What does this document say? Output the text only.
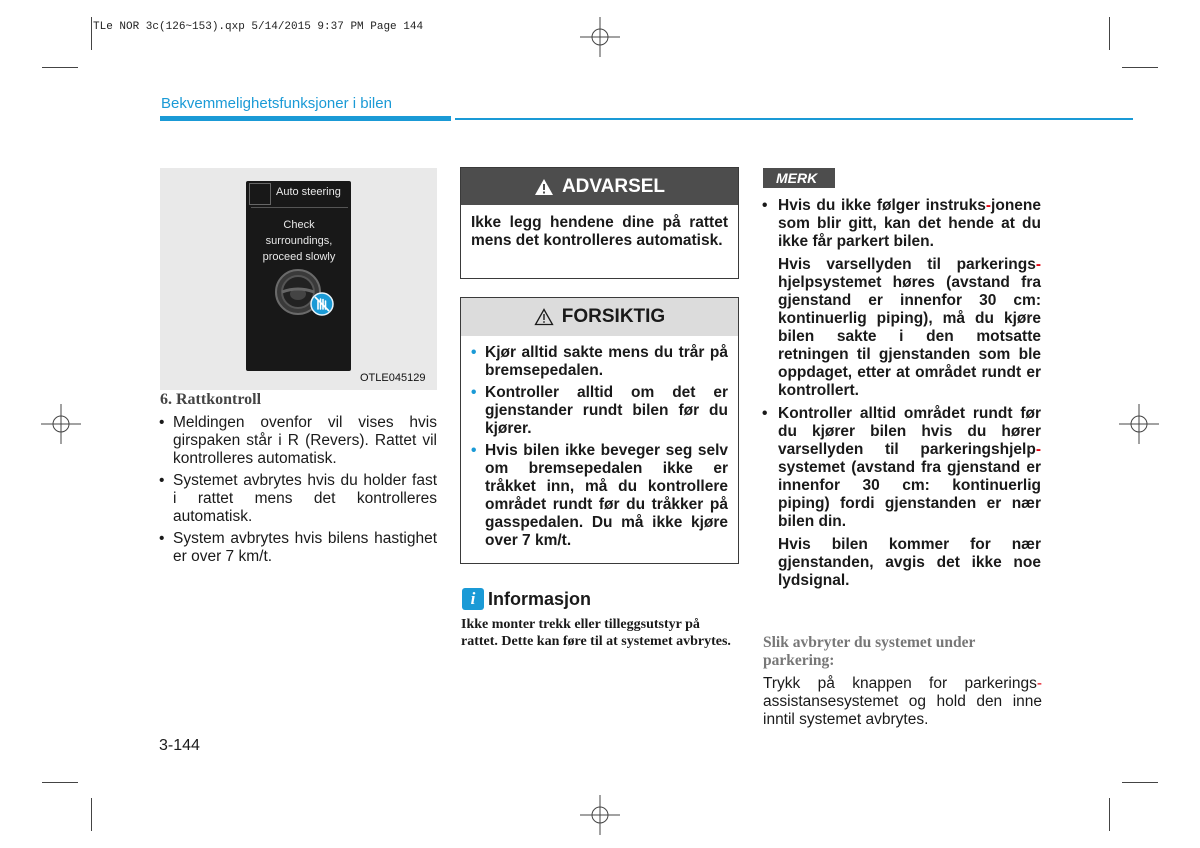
TLe NOR 3c(126~153).qxp 5/14/2015 9:37 PM Page 144
Bekvemmelighetsfunksjoner i bilen
Auto steering
Check surroundings, proceed slowly
OTLE045129
6. Rattkontroll
• Meldingen ovenfor vil vises hvis girspaken står i R (Revers). Rattet vil kontrolleres automatisk.
• Systemet avbrytes hvis du holder fast i rattet mens det kontrolleres automatisk.
• System avbrytes hvis bilens hastighet er over 7 km/t.
ADVARSEL
Ikke legg hendene dine på rattet mens det kontrolleres automatisk.
FORSIKTIG
• Kjør alltid sakte mens du trår på bremsepedalen.
• Kontroller alltid om det er gjenstander rundt bilen før du kjører.
• Hvis bilen ikke beveger seg selv om bremsepedalen ikke er tråkket inn, må du kontrollere området rundt før du tråkker på gasspedalen. Du må ikke kjøre over 7 km/t.
i Informasjon
Ikke monter trekk eller tilleggsutstyr på rattet. Dette kan føre til at systemet avbrytes.
MERK

• Hvis du ikke følger instruks-jonene som blir gitt, kan det hende at du ikke får parkert bilen.

Hvis varsellyden til parkerings-hjelpsystemet høres (avstand fra gjenstand er innenfor 30 cm: kontinuerlig piping), må du kjøre bilen sakte i den motsatte retningen til gjenstanden som ble oppdaget, etter at området rundt er kontrollert.

• Kontroller alltid området rundt før du kjører bilen hvis du hører varsellyden til parkeringshjelp-systemet (avstand fra gjenstand er innenfor 30 cm: kontinuerlig piping) fordi gjenstanden er nær bilen din.

Hvis bilen kommer for nær gjenstanden, avgis det ikke noe lydsignal.

Slik avbryter du systemet under parkering:
Trykk på knappen for parkerings-assistansesystemet og hold den inne inntil systemet avbrytes.
3-144
